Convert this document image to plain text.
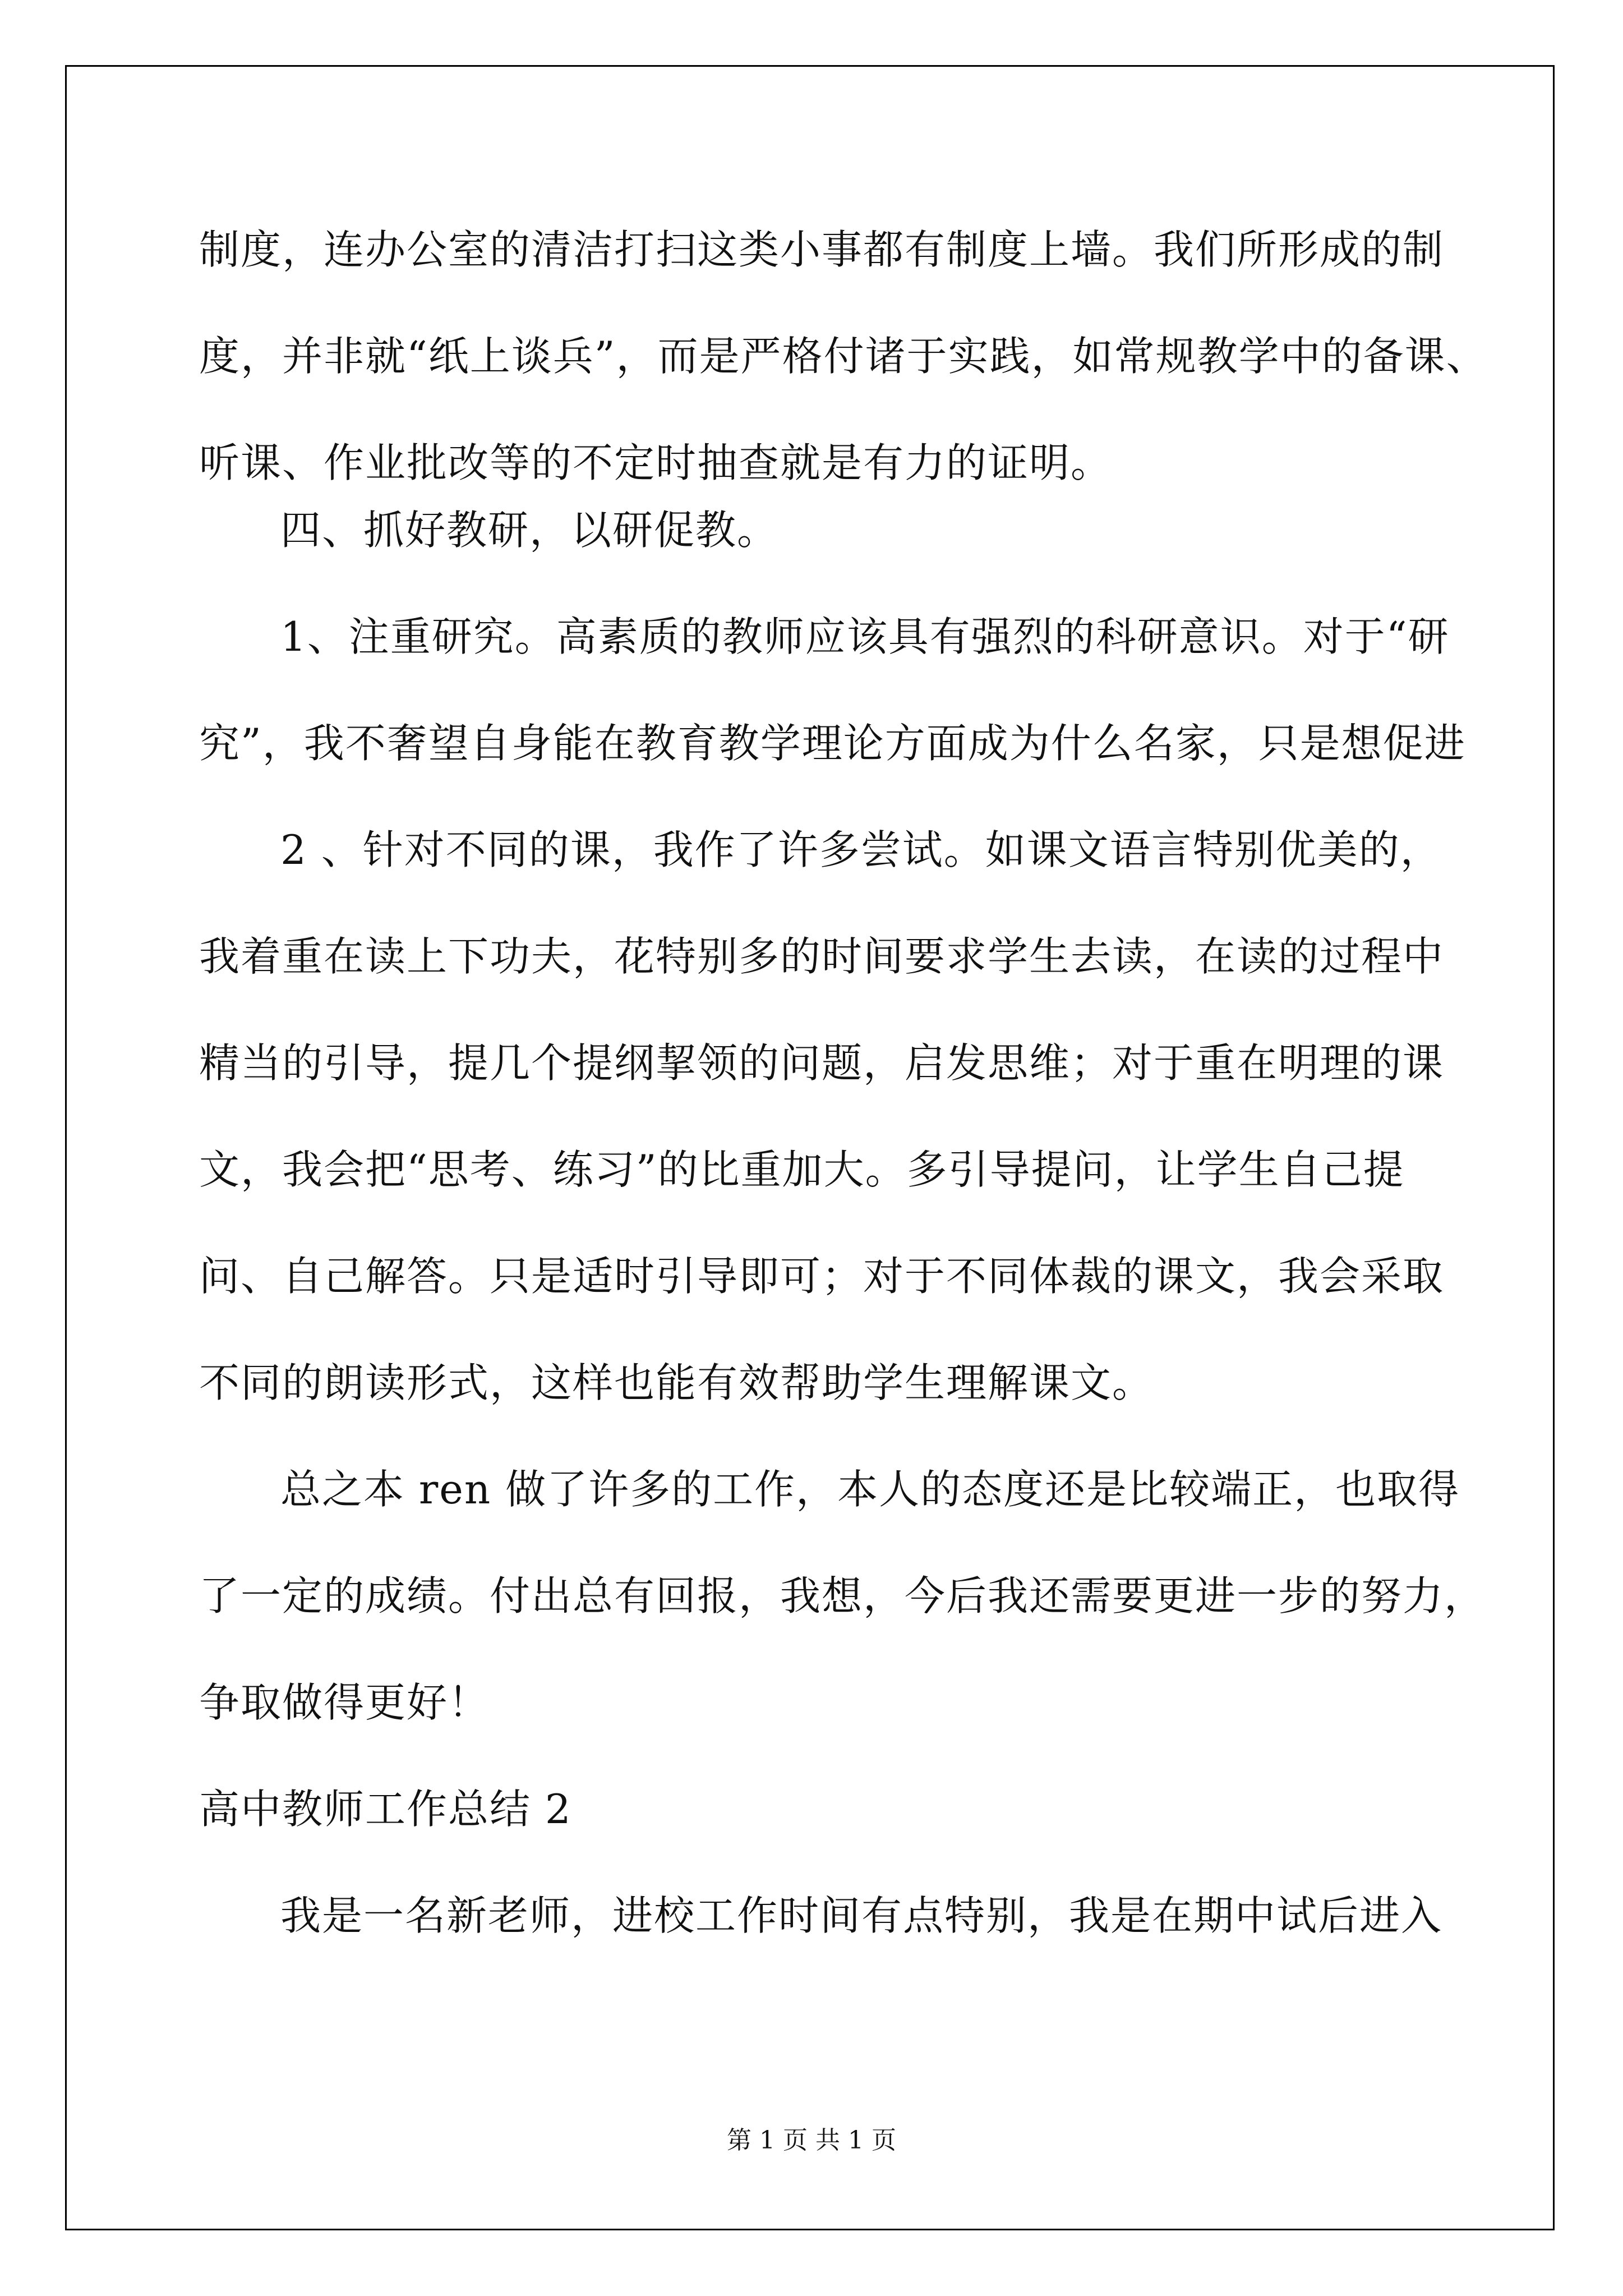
制度，连办公室的清洁打扫这类小事都有制度上墙。我们所形成的制
度，并非就“纸上谈兵”，而是严格付诸于实践，如常规教学中的备课、
听课、作业批改等的不定时抽查就是有力的证明。
四、抓好教研，以研促教。
1、注重研究。高素质的教师应该具有强烈的科研意识。对于“研
究”，我不奢望自身能在教育教学理论方面成为什么名家，只是想促进
2 、针对不同的课，我作了许多尝试。如课文语言特别优美的，
我着重在读上下功夫，花特别多的时间要求学生去读，在读的过程中
精当的引导，提几个提纲挈领的问题，启发思维；对于重在明理的课
文，我会把“思考、练习”的比重加大。多引导提问，让学生自己提
问、自己解答。只是适时引导即可；对于不同体裁的课文，我会采取
不同的朗读形式，这样也能有效帮助学生理解课文。
总之本 ren 做了许多的工作，本人的态度还是比较端正，也取得
了一定的成绩。付出总有回报，我想，今后我还需要更进一步的努力，
争取做得更好！
高中教师工作总结 2
我是一名新老师，进校工作时间有点特别，我是在期中试后进入
第 1 页 共 1 页
